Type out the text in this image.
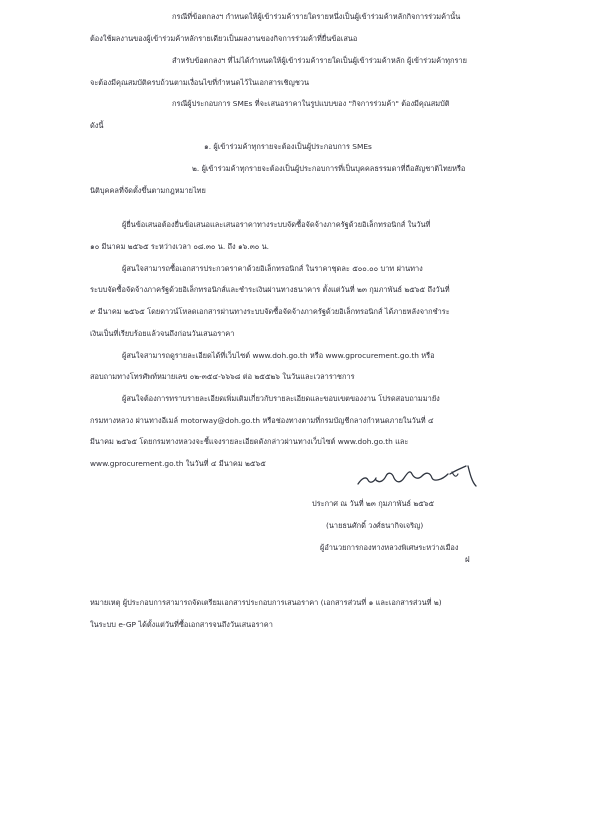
กรณีที่ข้อตกลงฯ กำหนดให้ผู้เข้าร่วมค้ารายใดรายหนึ่งเป็นผู้เข้าร่วมค้าหลักกิจการร่วมค้านั้น
ต้องใช้ผลงานของผู้เข้าร่วมค้าหลักรายเดียวเป็นผลงานของกิจการร่วมค้าที่ยื่นข้อเสนอ
สำหรับข้อตกลงฯ ที่ไม่ได้กำหนดให้ผู้เข้าร่วมค้ารายใดเป็นผู้เข้าร่วมค้าหลัก ผู้เข้าร่วมค้าทุกราย
จะต้องมีคุณสมบัติครบถ้วนตามเงื่อนไขที่กำหนดไว้ในเอกสารเชิญชวน
กรณีผู้ประกอบการ SMEs ที่จะเสนอราคาในรูปแบบของ "กิจการร่วมค้า" ต้องมีคุณสมบัติ
ดังนี้
๑. ผู้เข้าร่วมค้าทุกรายจะต้องเป็นผู้ประกอบการ SMEs
๒. ผู้เข้าร่วมค้าทุกรายจะต้องเป็นผู้ประกอบการที่เป็นบุคคลธรรมดาที่ถือสัญชาติไทยหรือ
นิติบุคคลที่จัดตั้งขึ้นตามกฎหมายไทย
ผู้ยื่นข้อเสนอต้องยื่นข้อเสนอและเสนอราคาทางระบบจัดซื้อจัดจ้างภาครัฐด้วยอิเล็กทรอนิกส์ ในวันที่
๑๐ มีนาคม ๒๕๖๕ ระหว่างเวลา ๐๘.๓๐ น. ถึง ๑๖.๓๐ น.
ผู้สนใจสามารถซื้อเอกสารประกวดราคาด้วยอิเล็กทรอนิกส์ ในราคาชุดละ ๕๐๐.๐๐ บาท ผ่านทาง
ระบบจัดซื้อจัดจ้างภาครัฐด้วยอิเล็กทรอนิกส์และชำระเงินผ่านทางธนาคาร ตั้งแต่วันที่ ๒๓ กุมภาพันธ์ ๒๕๖๕ ถึงวันที่
๙ มีนาคม ๒๕๖๕ โดยดาวน์โหลดเอกสารผ่านทางระบบจัดซื้อจัดจ้างภาครัฐด้วยอิเล็กทรอนิกส์ ได้ภายหลังจากชำระ
เงินเป็นที่เรียบร้อยแล้วจนถึงก่อนวันเสนอราคา
ผู้สนใจสามารถดูรายละเอียดได้ที่เว็บไซต์ www.doh.go.th หรือ www.gprocurement.go.th หรือ
สอบถามทางโทรศัพท์หมายเลข ๐๒-๓๕๔-๖๖๖๘ ต่อ ๒๕๕๒๖ ในวันและเวลาราชการ
ผู้สนใจต้องการทราบรายละเอียดเพิ่มเติมเกี่ยวกับรายละเอียดและขอบเขตของงาน โปรดสอบถามมายัง
กรมทางหลวง ผ่านทางอีเมล์ motorway@doh.go.th หรือช่องทางตามที่กรมบัญชีกลางกำหนดภายในวันที่ ๔
มีนาคม ๒๕๖๕ โดยกรมทางหลวงจะชี้แจงรายละเอียดดังกล่าวผ่านทางเว็บไซต์ www.doh.go.th และ
www.gprocurement.go.th ในวันที่ ๔ มีนาคม ๒๕๖๕
ประกาศ ณ วันที่ ๒๓ กุมภาพันธ์ ๒๕๖๕
(นายธนศักดิ์ วงศ์ธนากิจเจริญ)
ผู้อำนวยการกองทางหลวงพิเศษระหว่างเมือง
ฝ
หมายเหตุ ผู้ประกอบการสามารถจัดเตรียมเอกสารประกอบการเสนอราคา (เอกสารส่วนที่ ๑ และเอกสารส่วนที่ ๒)
ในระบบ e-GP ได้ตั้งแต่วันที่ซื้อเอกสารจนถึงวันเสนอราคา
